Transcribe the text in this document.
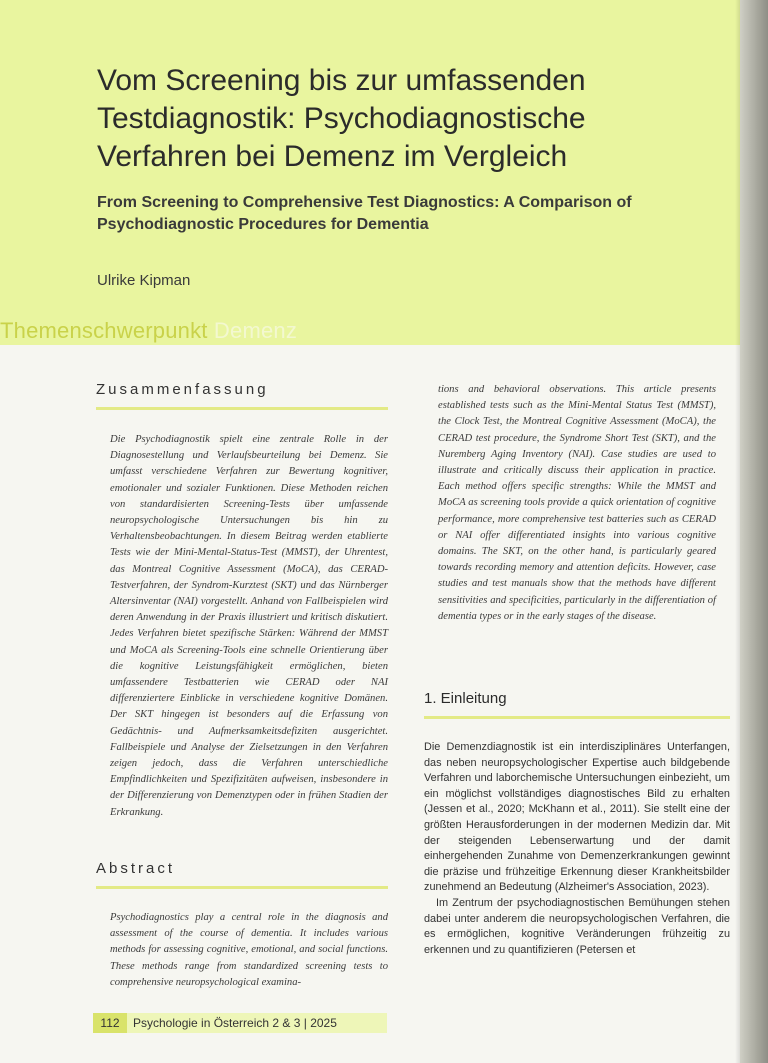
Vom Screening bis zur umfassenden Testdiagnostik: Psychodiagnostische Verfahren bei Demenz im Vergleich
From Screening to Comprehensive Test Diagnostics: A Comparison of Psychodiagnostic Procedures for Dementia
Ulrike Kipman
Themenschwerpunkt Demenz
Zusammenfassung

Die Psychodiagnostik spielt eine zentrale Rolle in der Diagnosestellung und Verlaufsbeurteilung bei Demenz. Sie umfasst verschiedene Verfahren zur Bewertung kognitiver, emotionaler und sozialer Funktionen. Diese Methoden reichen von standardisierten Screening-Tests über umfassende neuropsychologische Untersuchungen bis hin zu Verhaltensbeobachtungen. In diesem Beitrag werden etablierte Tests wie der Mini-Mental-Status-Test (MMST), der Uhrentest, das Montreal Cognitive Assessment (MoCA), das CERAD-Testverfahren, der Syndrom-Kurztest (SKT) und das Nürnberger Altersinventar (NAI) vorgestellt. Anhand von Fallbeispielen wird deren Anwendung in der Praxis illustriert und kritisch diskutiert. Jedes Verfahren bietet spezifische Stärken: Während der MMST und MoCA als Screening-Tools eine schnelle Orientierung über die kognitive Leistungsfähigkeit ermöglichen, bieten umfassendere Testbatterien wie CERAD oder NAI differenziertere Einblicke in verschiedene kognitive Domänen. Der SKT hingegen ist besonders auf die Erfassung von Gedächtnis- und Aufmerksamkeitsdefiziten ausgerichtet. Fallbeispiele und Analyse der Zielsetzungen in den Verfahren zeigen jedoch, dass die Verfahren unterschiedliche Empfindlichkeiten und Spezifizitäten aufweisen, insbesondere in der Differenzierung von Demenztypen oder in frühen Stadien der Erkrankung.

Abstract

Psychodiagnostics play a central role in the diagnosis and assessment of the course of dementia. It includes various methods for assessing cognitive, emotional, and social functions. These methods range from standardized screening tests to comprehensive neuropsychological examina-

tions and behavioral observations. This article presents established tests such as the Mini-Mental Status Test (MMST), the Clock Test, the Montreal Cognitive Assessment (MoCA), the CERAD test procedure, the Syndrome Short Test (SKT), and the Nuremberg Aging Inventory (NAI). Case studies are used to illustrate and critically discuss their application in practice. Each method offers specific strengths: While the MMST and MoCA as screening tools provide a quick orientation of cognitive performance, more comprehensive test batteries such as CERAD or NAI offer differentiated insights into various cognitive domains. The SKT, on the other hand, is particularly geared towards recording memory and attention deficits. However, case studies and test manuals show that the methods have different sensitivities and specificities, particularly in the differentiation of dementia types or in the early stages of the disease.

1. Einleitung

Die Demenzdiagnostik ist ein interdisziplinäres Unterfangen, das neben neuropsychologischer Expertise auch bildgebende Verfahren und laborchemische Untersuchungen einbezieht, um ein möglichst vollständiges diagnostisches Bild zu erhalten (Jessen et al., 2020; McKhann et al., 2011). Sie stellt eine der größten Herausforderungen in der modernen Medizin dar. Mit der steigenden Lebenserwartung und der damit einhergehenden Zunahme von Demenzerkrankungen gewinnt die präzise und frühzeitige Erkennung dieser Krankheitsbilder zunehmend an Bedeutung (Alzheimer's Association, 2023).

Im Zentrum der psychodiagnostischen Bemühungen stehen dabei unter anderem die neuropsychologischen Verfahren, die es ermöglichen, kognitive Veränderungen frühzeitig zu erkennen und zu quantifizieren (Petersen et

112	Psychologie in Österreich 2 & 3 | 2025
